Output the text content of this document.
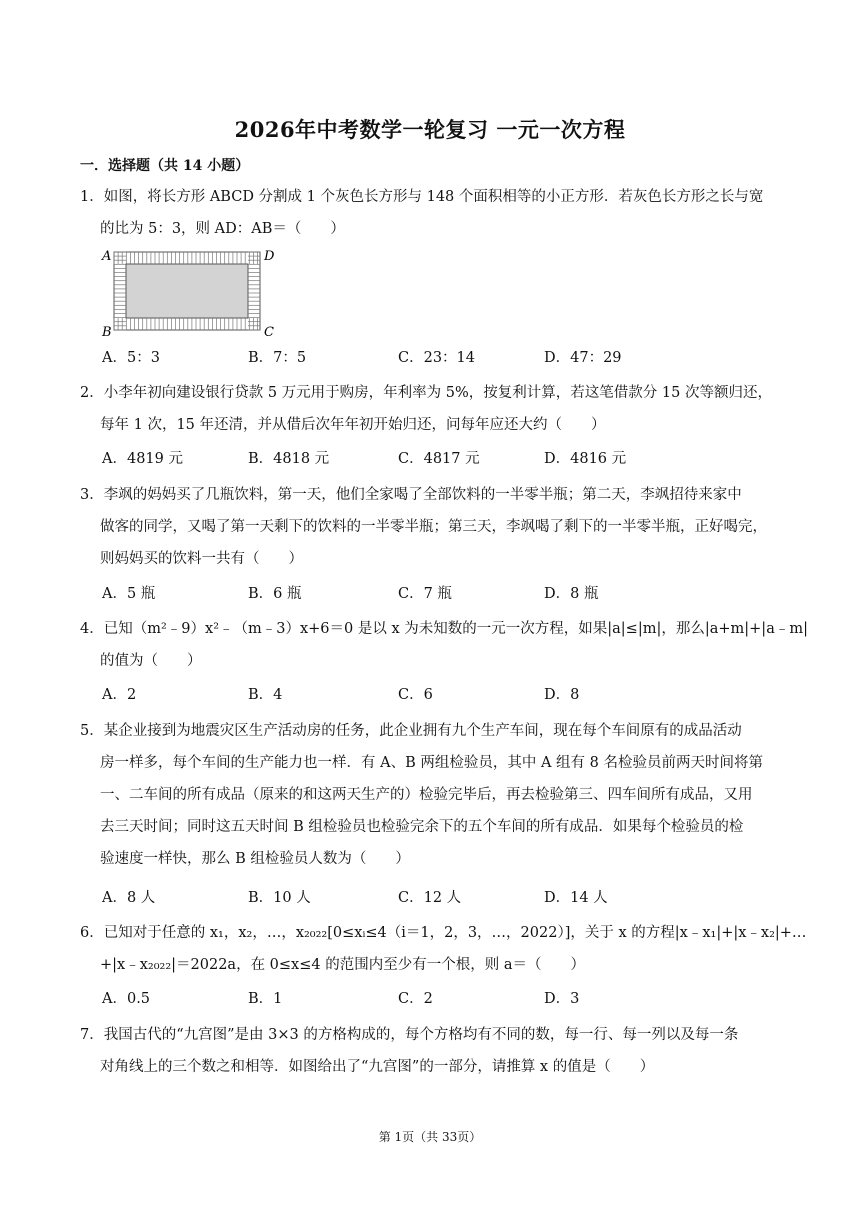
2026年中考数学一轮复习 一元一次方程
一．选择题（共 14 小题）
1．如图，将长方形 ABCD 分割成 1 个灰色长方形与 148 个面积相等的小正方形．若灰色长方形之长与宽
的比为 5：3，则 AD：AB＝（　　）
A	D
B	C
A．5：3	B．7：5	C．23：14	D．47：29
2．小李年初向建设银行贷款 5 万元用于购房，年利率为 5%，按复利计算，若这笔借款分 15 次等额归还，
每年 1 次，15 年还清，并从借后次年年初开始归还，问每年应还大约（　　）
A．4819 元	B．4818 元	C．4817 元	D．4816 元
3．李飒的妈妈买了几瓶饮料，第一天，他们全家喝了全部饮料的一半零半瓶；第二天，李飒招待来家中
做客的同学，又喝了第一天剩下的饮料的一半零半瓶；第三天，李飒喝了剩下的一半零半瓶，正好喝完，
则妈妈买的饮料一共有（　　）
A．5 瓶	B．6 瓶	C．7 瓶	D．8 瓶
4．已知（m²﹣9）x²﹣（m﹣3）x+6＝0 是以 x 为未知数的一元一次方程，如果|a|≤|m|，那么|a+m|+|a﹣m|
的值为（　　）
A．2	B．4	C．6	D．8
5．某企业接到为地震灾区生产活动房的任务，此企业拥有九个生产车间，现在每个车间原有的成品活动
房一样多，每个车间的生产能力也一样．有 A、B 两组检验员，其中 A 组有 8 名检验员前两天时间将第
一、二车间的所有成品（原来的和这两天生产的）检验完毕后，再去检验第三、四车间所有成品，又用
去三天时间；同时这五天时间 B 组检验员也检验完余下的五个车间的所有成品．如果每个检验员的检
验速度一样快，那么 B 组检验员人数为（　　）
A．8 人	B．10 人	C．12 人	D．14 人
6．已知对于任意的 x₁，x₂，…，x₂₀₂₂[0≤xᵢ≤4（i＝1，2，3，…，2022）]，关于 x 的方程|x﹣x₁|+|x﹣x₂|+…
+|x﹣x₂₀₂₂|＝2022a，在 0≤x≤4 的范围内至少有一个根，则 a＝（　　）
A．0.5	B．1	C．2	D．3
7．我国古代的“九宫图”是由 3×3 的方格构成的，每个方格均有不同的数，每一行、每一列以及每一条
对角线上的三个数之和相等．如图给出了“九宫图”的一部分，请推算 x 的值是（　　）
第 1页（共 33页）
